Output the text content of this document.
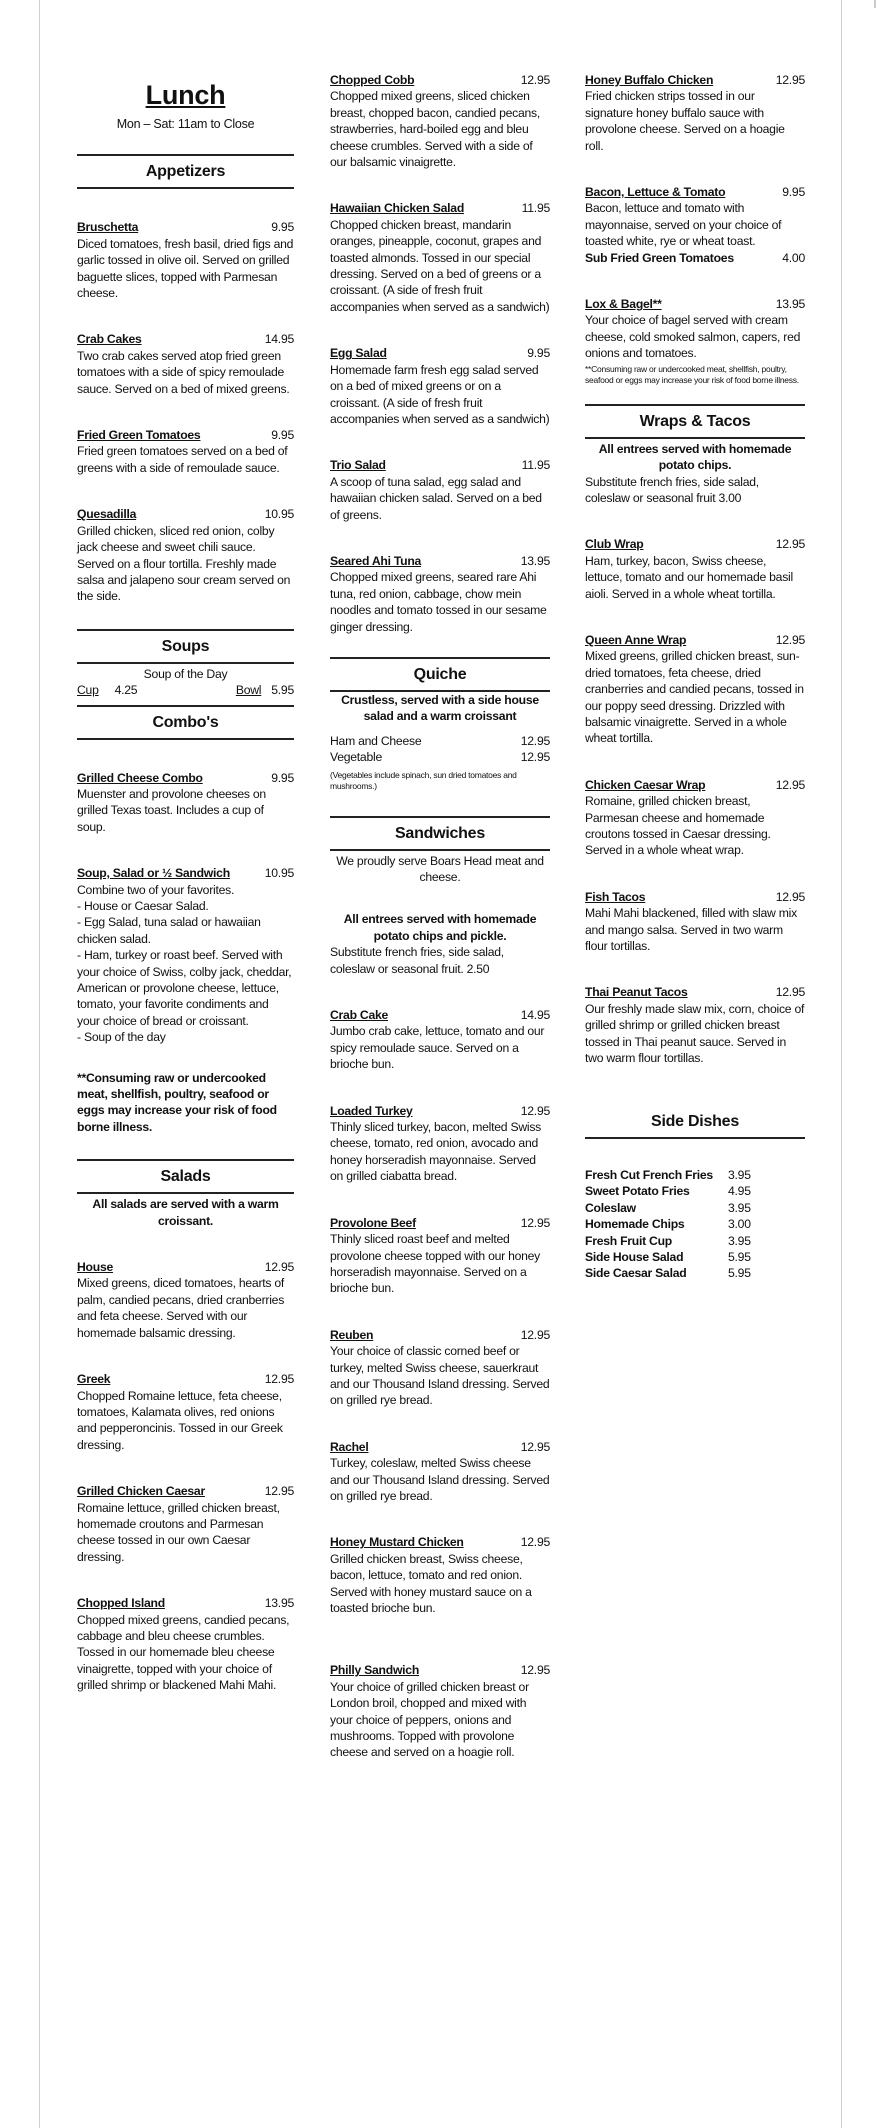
Lunch
Mon – Sat: 11am to Close
Appetizers
Bruschetta	9.95
Diced tomatoes, fresh basil, dried figs and garlic tossed in olive oil. Served on grilled baguette slices, topped with Parmesan cheese.
Crab Cakes	14.95
Two crab cakes served atop fried green tomatoes with a side of spicy remoulade sauce. Served on a bed of mixed greens.
Fried Green Tomatoes	9.95
Fried green tomatoes served on a bed of greens with a side of remoulade sauce.
Quesadilla	10.95
Grilled chicken, sliced red onion, colby jack cheese and sweet chili sauce. Served on a flour tortilla. Freshly made salsa and jalapeno sour cream served on the side.
Soups
Soup of the Day
Cup 4.25	Bowl 5.95
Combo's
Grilled Cheese Combo	9.95
Muenster and provolone cheeses on grilled Texas toast. Includes a cup of soup.
Soup, Salad or ½ Sandwich	10.95
Combine two of your favorites.
- House or Caesar Salad.
- Egg Salad, tuna salad or hawaiian chicken salad.
- Ham, turkey or roast beef. Served with your choice of Swiss, colby jack, cheddar, American or provolone cheese, lettuce, tomato, your favorite condiments and your choice of bread or croissant.
- Soup of the day
**Consuming raw or undercooked meat, shellfish, poultry, seafood or eggs may increase your risk of food borne illness.
Salads
All salads are served with a warm croissant.
House	12.95
Mixed greens, diced tomatoes, hearts of palm, candied pecans, dried cranberries and feta cheese. Served with our homemade balsamic dressing.
Greek	12.95
Chopped Romaine lettuce, feta cheese, tomatoes, Kalamata olives, red onions and pepperoncinis. Tossed in our Greek dressing.
Grilled Chicken Caesar	12.95
Romaine lettuce, grilled chicken breast, homemade croutons and Parmesan cheese tossed in our own Caesar dressing.
Chopped Island	13.95
Chopped mixed greens, candied pecans, cabbage and bleu cheese crumbles. Tossed in our homemade bleu cheese vinaigrette, topped with your choice of grilled shrimp or blackened Mahi Mahi.
Chopped Cobb	12.95
Chopped mixed greens, sliced chicken breast, chopped bacon, candied pecans, strawberries, hard-boiled egg and bleu cheese crumbles. Served with a side of our balsamic vinaigrette.
Hawaiian Chicken Salad	11.95
Chopped chicken breast, mandarin oranges, pineapple, coconut, grapes and toasted almonds. Tossed in our special dressing. Served on a bed of greens or a croissant. (A side of fresh fruit accompanies when served as a sandwich)
Egg Salad	9.95
Homemade farm fresh egg salad served on a bed of mixed greens or on a croissant. (A side of fresh fruit accompanies when served as a sandwich)
Trio Salad	11.95
A scoop of tuna salad, egg salad and hawaiian chicken salad. Served on a bed of greens.
Seared Ahi Tuna	13.95
Chopped mixed greens, seared rare Ahi tuna, red onion, cabbage, chow mein noodles and tomato tossed in our sesame ginger dressing.
Quiche
Crustless, served with a side house salad and a warm croissant
Ham and Cheese	12.95
Vegetable	12.95
(Vegetables include spinach, sun dried tomatoes and mushrooms.)
Sandwiches
We proudly serve Boars Head meat and cheese.
All entrees served with homemade potato chips and pickle.
Substitute french fries, side salad, coleslaw or seasonal fruit. 2.50
Crab Cake	14.95
Jumbo crab cake, lettuce, tomato and our spicy remoulade sauce. Served on a brioche bun.
Loaded Turkey	12.95
Thinly sliced turkey, bacon, melted Swiss cheese, tomato, red onion, avocado and honey horseradish mayonnaise. Served on grilled ciabatta bread.
Provolone Beef	12.95
Thinly sliced roast beef and melted provolone cheese topped with our honey horseradish mayonnaise. Served on a brioche bun.
Reuben	12.95
Your choice of classic corned beef or turkey, melted Swiss cheese, sauerkraut and our Thousand Island dressing. Served on grilled rye bread.
Rachel	12.95
Turkey, coleslaw, melted Swiss cheese and our Thousand Island dressing. Served on grilled rye bread.
Honey Mustard Chicken	12.95
Grilled chicken breast, Swiss cheese, bacon, lettuce, tomato and red onion. Served with honey mustard sauce on a toasted brioche bun.
Philly Sandwich	12.95
Your choice of grilled chicken breast or London broil, chopped and mixed with your choice of peppers, onions and mushrooms. Topped with provolone cheese and served on a hoagie roll.
Honey Buffalo Chicken	12.95
Fried chicken strips tossed in our signature honey buffalo sauce with provolone cheese. Served on a hoagie roll.
Bacon, Lettuce & Tomato	9.95
Bacon, lettuce and tomato with mayonnaise, served on your choice of toasted white, rye or wheat toast.
Sub Fried Green Tomatoes	4.00
Lox & Bagel**	13.95
Your choice of bagel served with cream cheese, cold smoked salmon, capers, red onions and tomatoes.
**Consuming raw or undercooked meat, shellfish, poultry, seafood or eggs may increase your risk of food borne illness.
Wraps & Tacos
All entrees served with homemade potato chips.
Substitute french fries, side salad, coleslaw or seasonal fruit 3.00
Club Wrap	12.95
Ham, turkey, bacon, Swiss cheese, lettuce, tomato and our homemade basil aioli. Served in a whole wheat tortilla.
Queen Anne Wrap	12.95
Mixed greens, grilled chicken breast, sun-dried tomatoes, feta cheese, dried cranberries and candied pecans, tossed in our poppy seed dressing. Drizzled with balsamic vinaigrette. Served in a whole wheat tortilla.
Chicken Caesar Wrap	12.95
Romaine, grilled chicken breast, Parmesan cheese and homemade croutons tossed in Caesar dressing. Served in a whole wheat wrap.
Fish Tacos	12.95
Mahi Mahi blackened, filled with slaw mix and mango salsa. Served in two warm flour tortillas.
Thai Peanut Tacos	12.95
Our freshly made slaw mix, corn, choice of grilled shrimp or grilled chicken breast tossed in Thai peanut sauce. Served in two warm flour tortillas.
Side Dishes
Fresh Cut French Fries	3.95
Sweet Potato Fries	4.95
Coleslaw	3.95
Homemade Chips	3.00
Fresh Fruit Cup	3.95
Side House Salad	5.95
Side Caesar Salad	5.95
